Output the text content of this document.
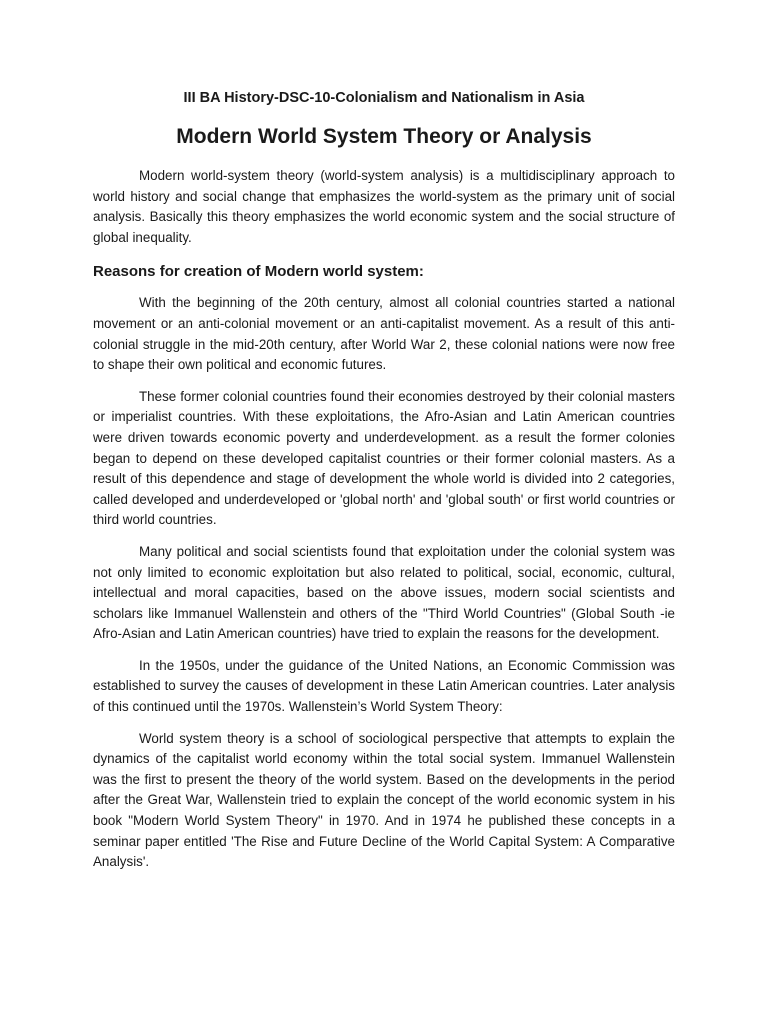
III BA History-DSC-10-Colonialism and Nationalism in Asia
Modern World System Theory or Analysis

Modern world-system theory (world-system analysis) is a multidisciplinary approach to world history and social change that emphasizes the world-system as the primary unit of social analysis. Basically this theory emphasizes the world economic system and the social structure of global inequality.

Reasons for creation of Modern world system:

With the beginning of the 20th century, almost all colonial countries started a national movement or an anti-colonial movement or an anti-capitalist movement. As a result of this anti-colonial struggle in the mid-20th century, after World War 2, these colonial nations were now free to shape their own political and economic futures.

These former colonial countries found their economies destroyed by their colonial masters or imperialist countries. With these exploitations, the Afro-Asian and Latin American countries were driven towards economic poverty and underdevelopment. as a result the former colonies began to depend on these developed capitalist countries or their former colonial masters. As a result of this dependence and stage of development the whole world is divided into 2 categories, called developed and underdeveloped or 'global north' and 'global south' or first world countries or third world countries.

Many political and social scientists found that exploitation under the colonial system was not only limited to economic exploitation but also related to political, social, economic, cultural, intellectual and moral capacities, based on the above issues, modern social scientists and scholars like Immanuel Wallenstein and others of the "Third World Countries" (Global South -ie Afro-Asian and Latin American countries) have tried to explain the reasons for the development.

In the 1950s, under the guidance of the United Nations, an Economic Commission was established to survey the causes of development in these Latin American countries. Later analysis of this continued until the 1970s. Wallenstein’s World System Theory:

World system theory is a school of sociological perspective that attempts to explain the dynamics of the capitalist world economy within the total social system. Immanuel Wallenstein was the first to present the theory of the world system. Based on the developments in the period after the Great War, Wallenstein tried to explain the concept of the world economic system in his book "Modern World System Theory" in 1970. And in 1974 he published these concepts in a seminar paper entitled 'The Rise and Future Decline of the World Capital System: A Comparative Analysis'.
